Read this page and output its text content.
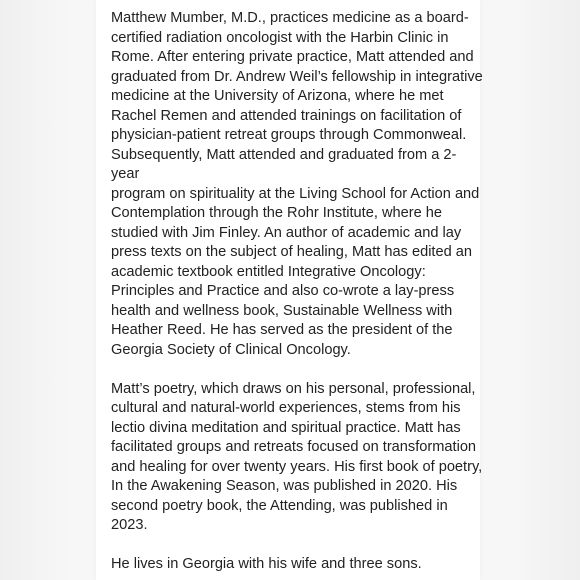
Matthew Mumber, M.D., practices medicine as a board-
certified radiation oncologist with the Harbin Clinic in
Rome. After entering private practice, Matt attended and
graduated from Dr. Andrew Weil’s fellowship in integrative
medicine at the University of Arizona, where he met
Rachel Remen and attended trainings on facilitation of
physician-patient retreat groups through Commonweal.
Subsequently, Matt attended and graduated from a 2-year
program on spirituality at the Living School for Action and
Contemplation through the Rohr Institute, where he
studied with Jim Finley. An author of academic and lay
press texts on the subject of healing, Matt has edited an
academic textbook entitled Integrative Oncology:
Principles and Practice and also co-wrote a lay-press
health and wellness book, Sustainable Wellness with
Heather Reed. He has served as the president of the
Georgia Society of Clinical Oncology.

Matt’s poetry, which draws on his personal, professional,
cultural and natural-world experiences, stems from his
lectio divina meditation and spiritual practice. Matt has
facilitated groups and retreats focused on transformation
and healing for over twenty years. His first book of poetry,
In the Awakening Season, was published in 2020. His
second poetry book, the Attending, was published in
2023.

He lives in Georgia with his wife and three sons.
